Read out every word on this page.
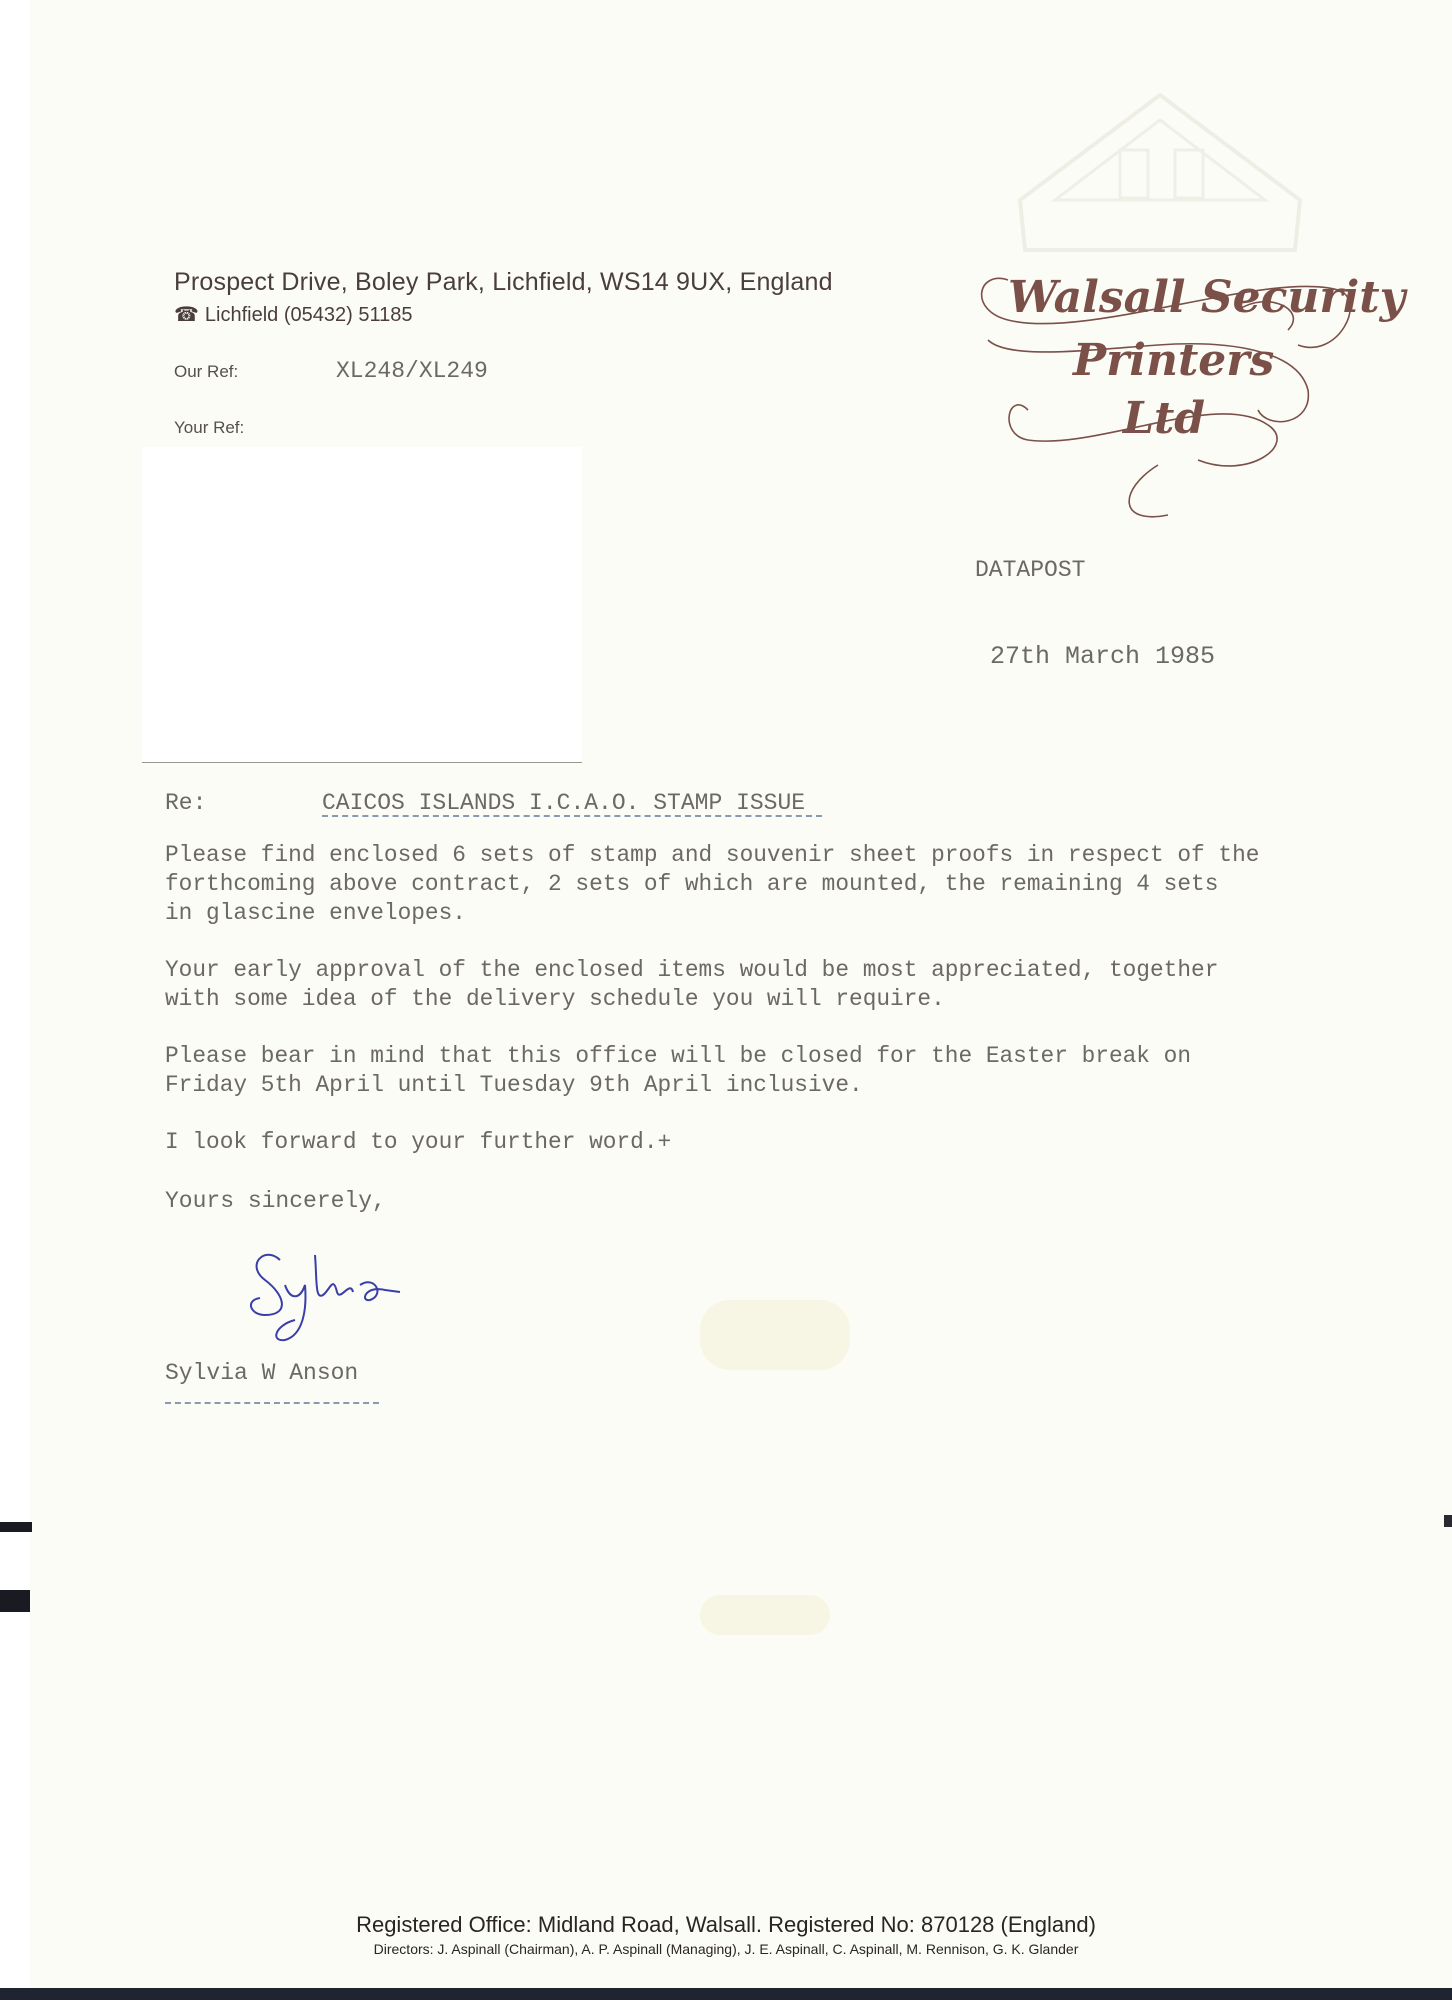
Prospect Drive, Boley Park, Lichfield, WS14 9UX, England
☎ Lichfield (05432) 51185	Walsall Security
Printers
Ltd
Our Ref:	XL248/XL249
Your Ref:
DATAPOST
27th March 1985
Re:	CAICOS ISLANDS I.C.A.O. STAMP ISSUE
Please find enclosed 6 sets of stamp and souvenir sheet proofs in respect of the
forthcoming above contract, 2 sets of which are mounted, the remaining 4 sets
in glascine envelopes.
Your early approval of the enclosed items would be most appreciated, together
with some idea of the delivery schedule you will require.
Please bear in mind that this office will be closed for the Easter break on
Friday 5th April until Tuesday 9th April inclusive.
I look forward to your further word.+
Yours sincerely,
Sylvia
Sylvia W Anson
Registered Office: Midland Road, Walsall. Registered No: 870128 (England)
Directors: J. Aspinall (Chairman), A. P. Aspinall (Managing), J. E. Aspinall, C. Aspinall, M. Rennison, G. K. Glander
